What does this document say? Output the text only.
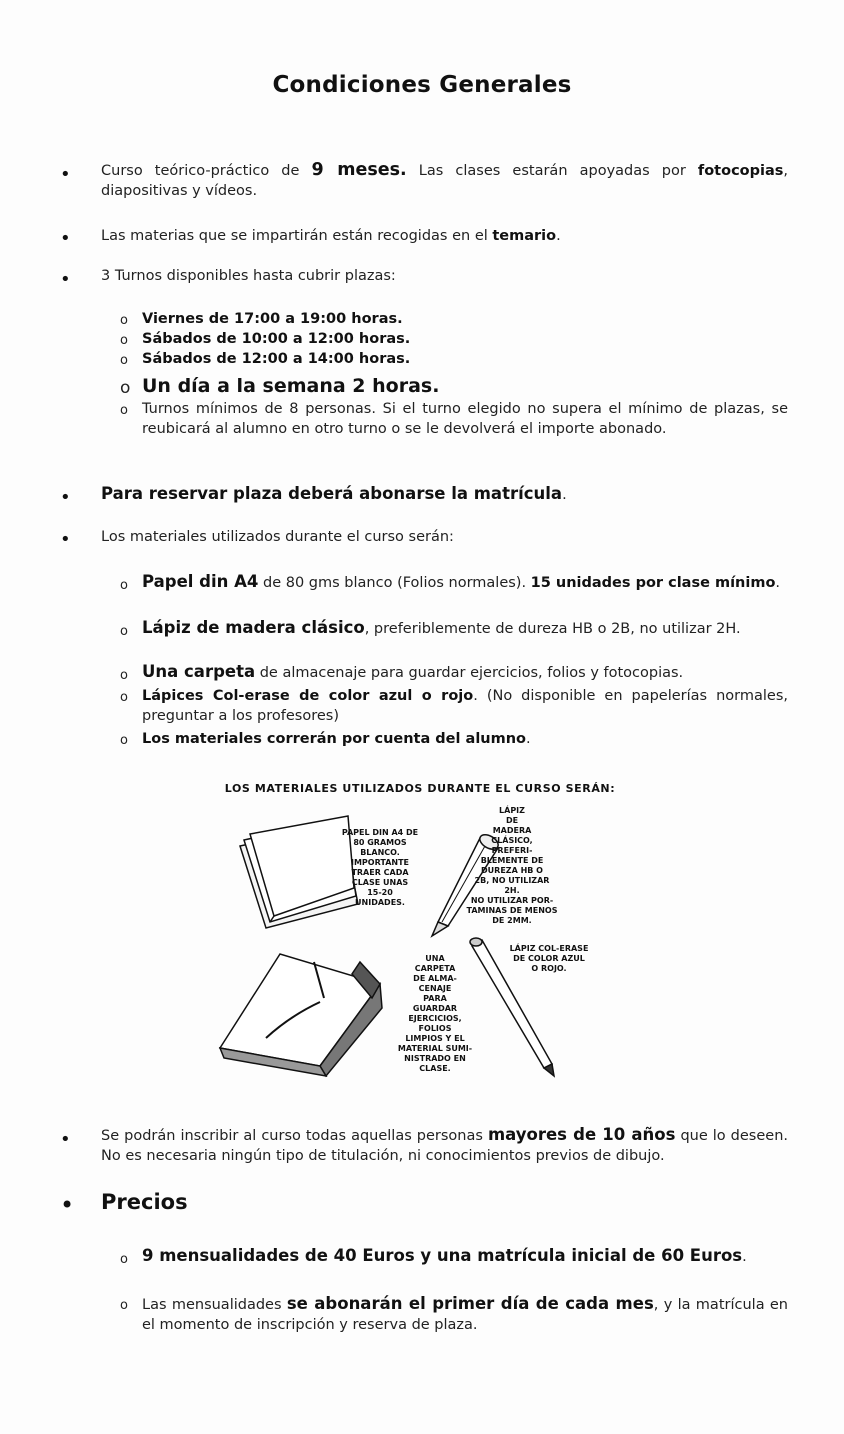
Condiciones Generales
• Curso teórico-práctico de 9 meses. Las clases estarán apoyadas por fotocopias, diapositivas y vídeos.
• Las materias que se impartirán están recogidas en el temario.
• 3 Turnos disponibles hasta cubrir plazas:
o Viernes de 17:00 a 19:00 horas.
o Sábados de 10:00 a 12:00 horas.
o Sábados de 12:00 a 14:00 horas.
o Un día a la semana 2 horas.
o Turnos mínimos de 8 personas. Si el turno elegido no supera el mínimo de plazas, se reubicará al alumno en otro turno o se le devolverá el importe abonado.
• Para reservar plaza deberá abonarse la matrícula.
• Los materiales utilizados durante el curso serán:
o Papel din A4 de 80 gms blanco (Folios normales). 15 unidades por clase mínimo.
o Lápiz de madera clásico, preferiblemente de dureza HB o 2B, no utilizar 2H.
o Una carpeta de almacenaje para guardar ejercicios, folios y fotocopias.
o Lápices Col-erase de color azul o rojo. (No disponible en papelerías normales, preguntar a los profesores)
o Los materiales correrán por cuenta del alumno.
LOS MATERIALES UTILIZADOS DURANTE EL CURSO SERÁN:
PAPEL DIN A4 DE
80 GRAMOS
BLANCO.
IMPORTANTE
TRAER CADA
CLASE UNAS
15-20
UNIDADES.
LÁPIZ
DE
MADERA
CLÁSICO,
PREFERI-
BLEMENTE DE
DUREZA HB O
2B, NO UTILIZAR
2H.
NO UTILIZAR POR-
TAMINAS DE MENOS
DE 2MM.
UNA
CARPETA
DE ALMA-
CENAJE
PARA
GUARDAR
EJERCICIOS,
FOLIOS
LIMPIOS Y EL
MATERIAL SUMI-
NISTRADO EN
CLASE.
LÁPIZ COL-ERASE
DE COLOR AZUL
O ROJO.
• Se podrán inscribir al curso todas aquellas personas mayores de 10 años que lo deseen. No es necesaria ningún tipo de titulación, ni conocimientos previos de dibujo.
• Precios
o 9 mensualidades de 40 Euros y una matrícula inicial de 60 Euros.
o Las mensualidades se abonarán el primer día de cada mes, y la matrícula en el momento de inscripción y reserva de plaza.
